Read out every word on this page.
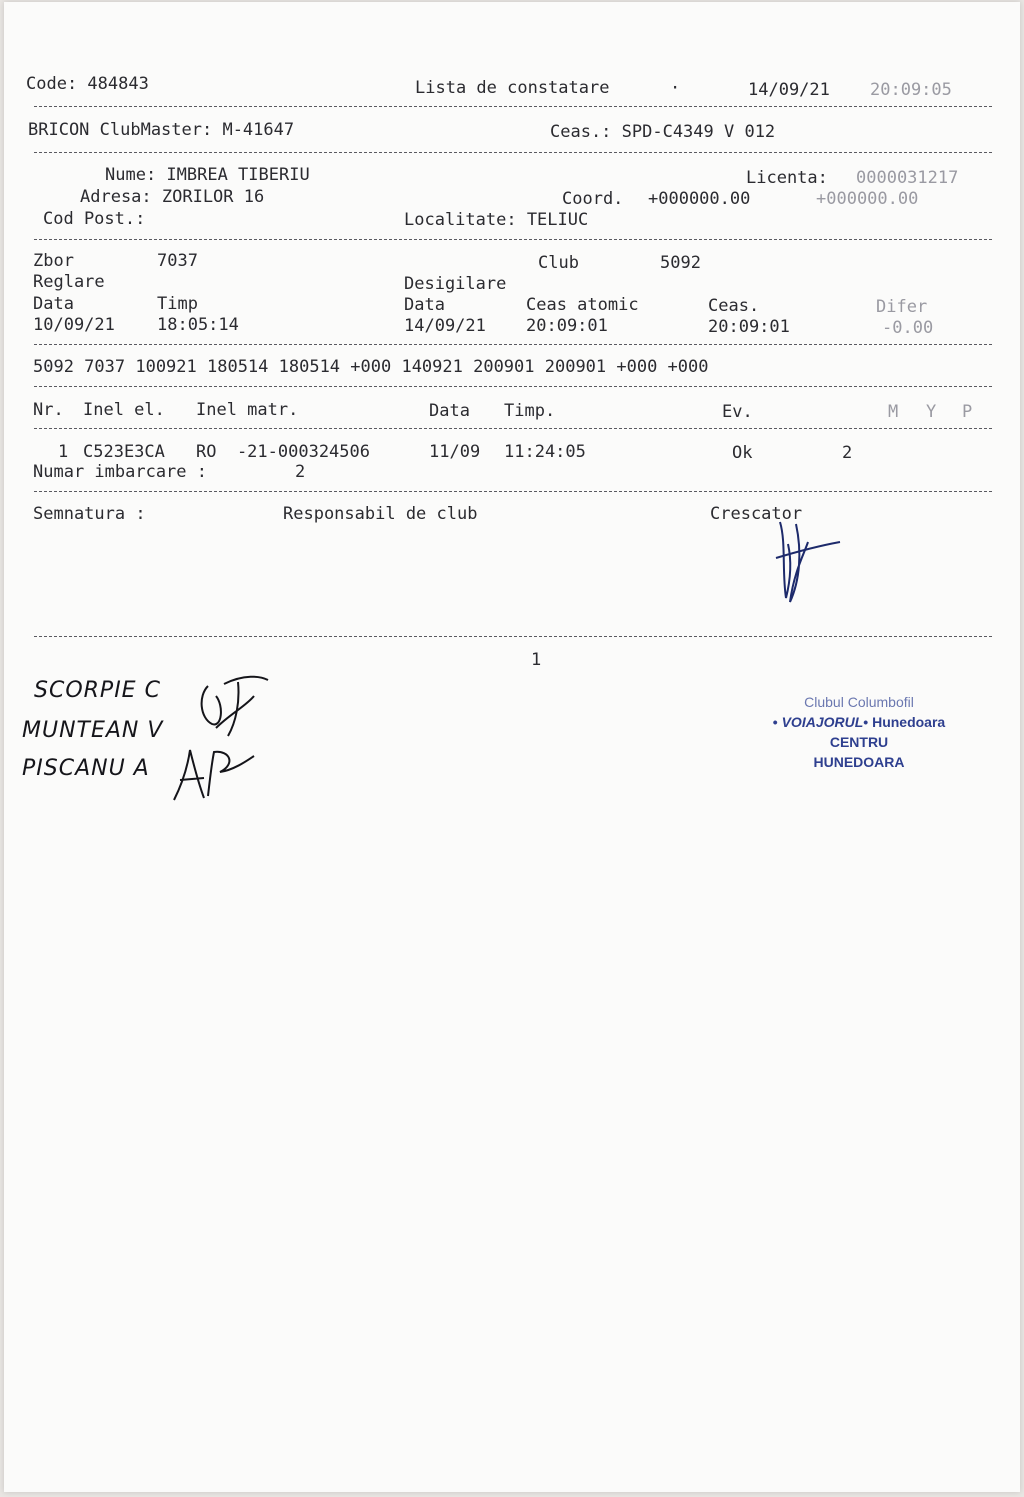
Code: 484843	Lista de constatare	·	14/09/21 20:09:05
BRICON ClubMaster: M-41647	Ceas.: SPD-C4349 V 012
Nume: IMBREA TIBERIU
Adresa: ZORILOR 16
Cod Post.:
Licenta: 0000031217
Coord. +000000.00	+000000.00
Localitate: TELIUC
Zbor	7037	Club	5092
Reglare	Desigilare
Data	Timp	Data	Ceas atomic	Ceas.	Difer
10/09/21 18:05:14	14/09/21 20:09:01	20:09:01	-0.00
5092 7037 100921 180514 180514 +000 140921 200901 200901 +000 +000
Nr. Inel el. Inel matr.	Data Timp.	Ev.	M Y P
1 C523E3CA RO  -21-000324506	11/09 11:24:05	Ok	2
Numar imbarcare :	2
Semnatura :	Responsabil de club	Crescator
1
SCORPIE C
MUNTEAN V
PISCANU A
Clubul Columbofil
• VOIAJORUL• Hunedoara
CENTRU
HUNEDOARA
